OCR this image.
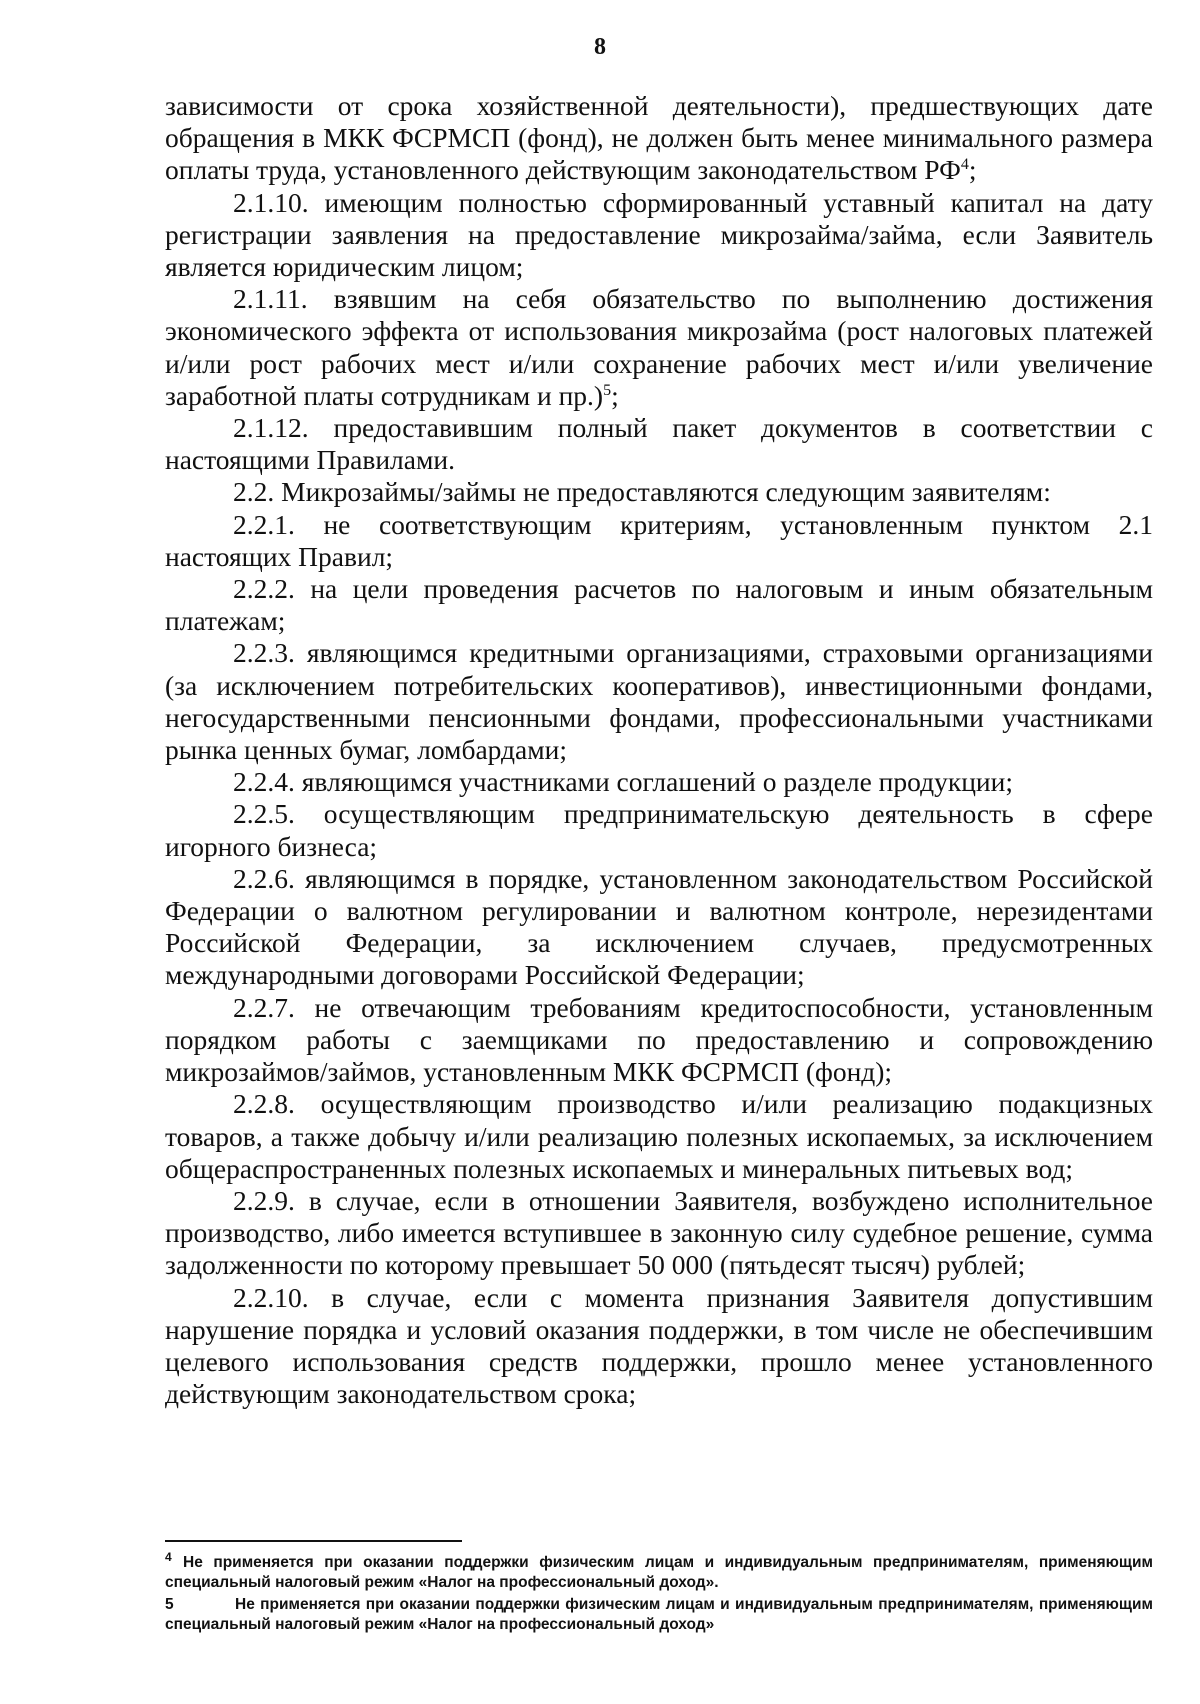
8

зависимости от срока хозяйственной деятельности), предшествующих дате обращения в МКК ФСРМСП (фонд), не должен быть менее минимального размера оплаты труда, установленного действующим законодательством $РФ^4$;

2.1.10. имеющим полностью сформированный уставный капитал на дату регистрации заявления на предоставление микрозайма/займа, если Заявитель является юридическим лицом;

2.1.11. взявшим на себя обязательство по выполнению достижения экономического эффекта от использования микрозайма (рост налоговых платежей и/или рост рабочих мест и/или сохранение рабочих мест и/или увеличение заработной платы сотрудникам и пр.)$^5$;

2.1.12. предоставившим полный пакет документов в соответствии с настоящими Правилами.

2.2. Микрозаймы/займы не предоставляются следующим заявителям:

2.2.1. не соответствующим критериям, установленным пунктом 2.1 настоящих Правил;

2.2.2. на цели проведения расчетов по налоговым и иным обязательным платежам;

2.2.3. являющимся кредитными организациями, страховыми организациями (за исключением потребительских кооперативов), инвестиционными фондами, негосударственными пенсионными фондами, профессиональными участниками рынка ценных бумаг, ломбардами;

2.2.4. являющимся участниками соглашений о разделе продукции;

2.2.5. осуществляющим предпринимательскую деятельность в сфере игорного бизнеса;

2.2.6. являющимся в порядке, установленном законодательством Российской Федерации о валютном регулировании и валютном контроле, нерезидентами Российской Федерации, за исключением случаев, предусмотренных международными договорами Российской Федерации;

2.2.7. не отвечающим требованиям кредитоспособности, установленным порядком работы с заемщиками по предоставлению и сопровождению микрозаймов/займов, установленным МКК ФСРМСП (фонд);

2.2.8. осуществляющим производство и/или реализацию подакцизных товаров, а также добычу и/или реализацию полезных ископаемых, за исключением общераспространенных полезных ископаемых и минеральных питьевых вод;

2.2.9. в случае, если в отношении Заявителя, возбуждено исполнительное производство, либо имеется вступившее в законную силу судебное решение, сумма задолженности по которому превышает 50 000 (пятьдесят тысяч) рублей;

2.2.10. в случае, если с момента признания Заявителя допустившим нарушение порядка и условий оказания поддержки, в том числе не обеспечившим целевого использования средств поддержки, прошло менее установленного действующим законодательством срока;

4 Не применяется при оказании поддержки физическим лицам и индивидуальным предпринимателям, применяющим специальный налоговый режим «Налог на профессиональный доход».

5	Не применяется при оказании поддержки физическим лицам и индивидуальным предпринимателям, применяющим специальный налоговый режим «Налог на профессиональный доход»
